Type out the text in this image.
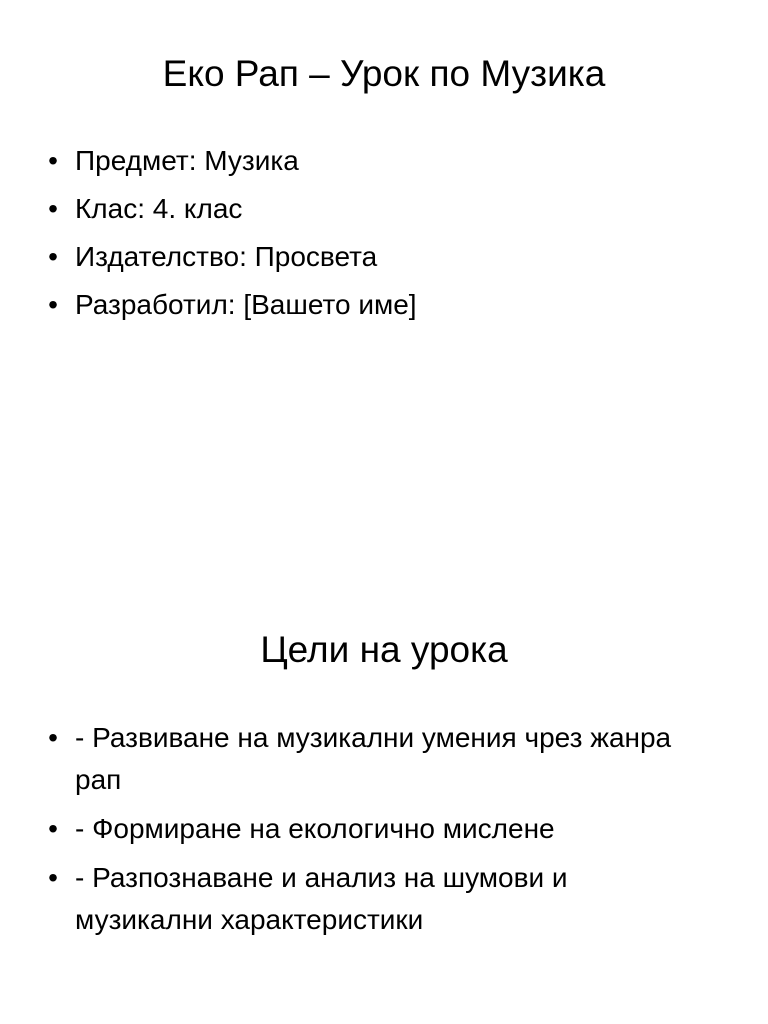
Еко Рап – Урок по Музика
• Предмет: Музика
• Клас: 4. клас
• Издателство: Просвета
• Разработил: [Вашето име]
Цели на урока
• - Развиване на музикални умения чрез жанра рап
• - Формиране на екологично мислене
• - Разпознаване и анализ на шумови и музикални характеристики
